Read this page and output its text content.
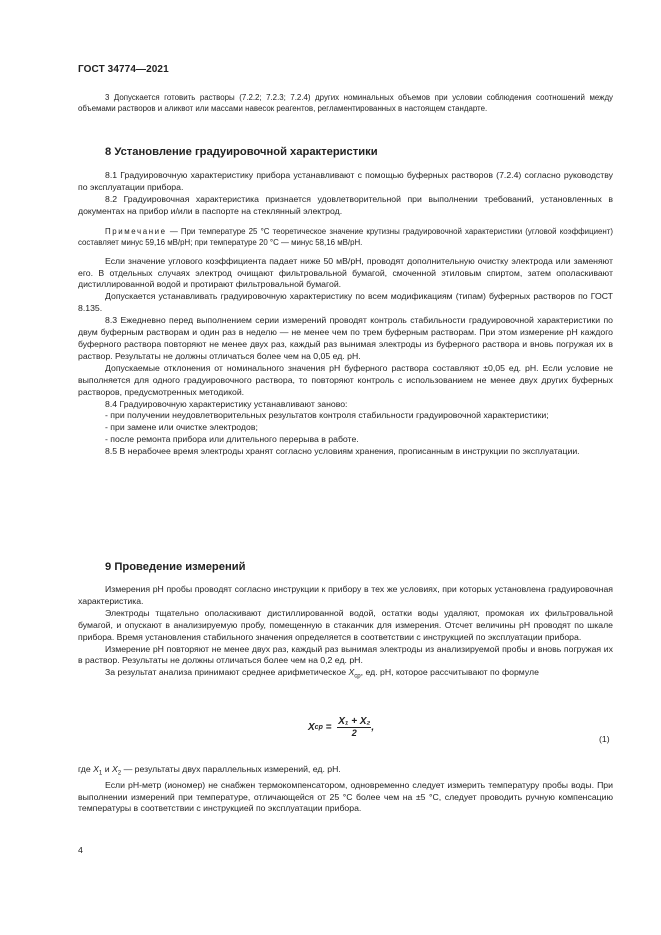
ГОСТ 34774—2021

3 Допускается готовить растворы (7.2.2; 7.2.3; 7.2.4) других номинальных объемов при условии соблюдения соотношений между объемами растворов и аликвот или массами навесок реагентов, регламентированных в настоящем стандарте.

8 Установление градуировочной характеристики

8.1 Градуировочную характеристику прибора устанавливают с помощью буферных растворов (7.2.4) согласно руководству по эксплуатации прибора.

8.2 Градуировочная характеристика признается удовлетворительной при выполнении требований, установленных в документах на прибор и/или в паспорте на стеклянный электрод.

Примечание — При температуре 25 °С теоретическое значение крутизны градуировочной характеристики (угловой коэффициент) составляет минус 59,16 мВ/рН; при температуре 20 °С — минус 58,16 мВ/рН.

Если значение углового коэффициента падает ниже 50 мВ/рН, проводят дополнительную очистку электрода или заменяют его. В отдельных случаях электрод очищают фильтровальной бумагой, смоченной этиловым спиртом, затем ополаскивают дистиллированной водой и протирают фильтровальной бумагой.

Допускается устанавливать градуировочную характеристику по всем модификациям (типам) буферных растворов по ГОСТ 8.135.

8.3 Ежедневно перед выполнением серии измерений проводят контроль стабильности градуировочной характеристики по двум буферным растворам и один раз в неделю — не менее чем по трем буферным растворам. При этом измерение рН каждого буферного раствора повторяют не менее двух раз, каждый раз вынимая электроды из буферного раствора и вновь погружая их в раствор. Результаты не должны отличаться более чем на 0,05 ед. рН.

Допускаемые отклонения от номинального значения рН буферного раствора составляют ±0,05 ед. рН. Если условие не выполняется для одного градуировочного раствора, то повторяют контроль с использованием не менее двух других буферных растворов, предусмотренных методикой.

8.4 Градуировочную характеристику устанавливают заново:

- при получении неудовлетворительных результатов контроля стабильности градуировочной характеристики;

- при замене или очистке электродов;

- после ремонта прибора или длительного перерыва в работе.

8.5 В нерабочее время электроды хранят согласно условиям хранения, прописанным в инструкции по эксплуатации.

9 Проведение измерений

Измерения рН пробы проводят согласно инструкции к прибору в тех же условиях, при которых установлена градуировочная характеристика.

Электроды тщательно ополаскивают дистиллированной водой, остатки воды удаляют, промокая их фильтровальной бумагой, и опускают в анализируемую пробу, помещенную в стаканчик для измерения. Отсчет величины рН проводят по шкале прибора. Время установления стабильного значения определяется в соответствии с инструкцией по эксплуатации прибора.

Измерение рН повторяют не менее двух раз, каждый раз вынимая электроды из анализируемой пробы и вновь погружая их в раствор. Результаты не должны отличаться более чем на 0,2 ед. рН.

За результат анализа принимают среднее арифметическое $X_{ср}$, ед. рН, которое рассчитывают по формуле

X ср = $\frac{\text{X₁ + X₂}}{2}$ ,
(1)

где $X_1$ и $X_2$ — результаты двух параллельных измерений, ед. рН.

Если рН-метр (иономер) не снабжен термокомпенсатором, одновременно следует измерить температуру пробы воды. При выполнении измерений при температуре, отличающейся от 25 °С более чем на ±5 °С, следует проводить ручную компенсацию температуры в соответствии с инструкцией по эксплуатации прибора.

4
